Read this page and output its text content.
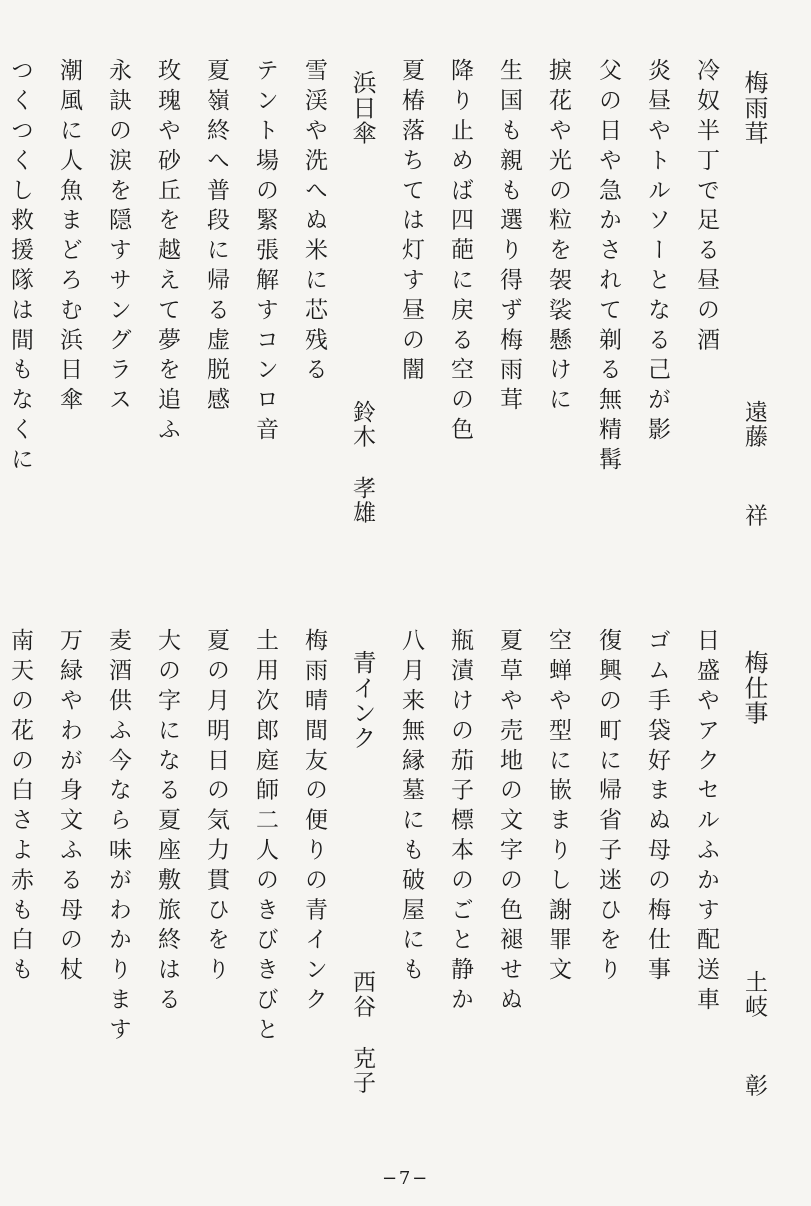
梅雨茸
遠藤祥
冷奴半丁で足る昼の酒
炎昼やトルソーとなる己が影
父の日や急かされて剃る無精髯
捩花や光の粒を袈裟懸けに
生国も親も選り得ず梅雨茸
降り止めば四葩に戻る空の色
夏椿落ちては灯す昼の闇
浜日傘
鈴木孝雄
雪渓や洗へぬ米に芯残る
テント場の緊張解すコンロ音
夏嶺終へ普段に帰る虚脱感
玫瑰や砂丘を越えて夢を追ふ
永訣の涙を隠すサングラス
潮風に人魚まどろむ浜日傘
つくつくし救援隊は間もなくに
梅仕事
土岐彰
日盛やアクセルふかす配送車
ゴム手袋好まぬ母の梅仕事
復興の町に帰省子迷ひをり
空蝉や型に嵌まりし謝罪文
夏草や売地の文字の色褪せぬ
瓶漬けの茄子標本のごと静か
八月来無縁墓にも破屋にも
青インク
西谷克子
梅雨晴間友の便りの青インク
土用次郎庭師二人のきびきびと
夏の月明日の気力貫ひをり
大の字になる夏座敷旅終はる
麦酒供ふ今なら味がわかります
万緑やわが身文ふる母の杖
南天の花の白さよ赤も白も
−7−
